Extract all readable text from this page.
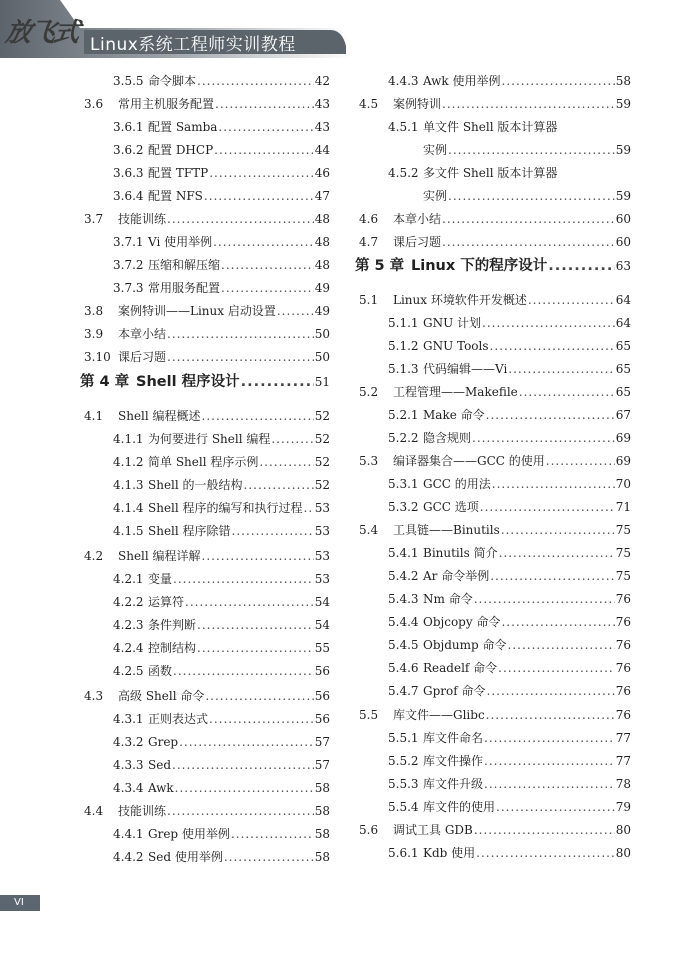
放飞式 Linux系统工程师实训教程
3.5.5 命令脚本 .....	42
3.6	常用主机服务配置 .....	43
3.6.1 配置 Samba .....	43
3.6.2 配置 DHCP .....	44
3.6.3 配置 TFTP .....	46
3.6.4 配置 NFS .....	47
3.7	技能训练 .....	48
3.7.1 Vi 使用举例 .....	48
3.7.2 压缩和解压缩 .....	48
3.7.3 常用服务配置 .....	49
3.8	案例特训——Linux 启动设置 .....	49
3.9	本章小结 .....	50
3.10 课后习题 .....	50
第 4 章 Shell 程序设计 .....	51
4.1	Shell 编程概述 .....	52
4.1.1 为何要进行 Shell 编程 .....	52
4.1.2 简单 Shell 程序示例 .....	52
4.1.3 Shell 的一般结构 .....	52
4.1.4 Shell 程序的编写和执行过程 ..... 53
4.1.5 Shell 程序除错 .....	53
4.2	Shell 编程详解 .....	53
4.2.1 变量 .....	53
4.2.2 运算符 .....	54
4.2.3 条件判断 .....	54
4.2.4 控制结构 .....	55
4.2.5 函数 .....	56
4.3	高级 Shell 命令 .....	56
4.3.1 正则表达式 .....	56
4.3.2 Grep .....	57
4.3.3 Sed .....	57
4.3.4 Awk .....	58
4.4	技能训练 .....	58
4.4.1 Grep 使用举例 .....	58
4.4.2 Sed 使用举例 .....	58
4.4.3 Awk 使用举例 .....	58
4.5	案例特训 .....	59
4.5.1 单文件 Shell 版本计算器
实例 .....	59
4.5.2 多文件 Shell 版本计算器
实例 .....	59
4.6	本章小结 .....	60
4.7	课后习题 .....	60
第 5 章 Linux 下的程序设计 .....	63
5.1	Linux 环境软件开发概述 .....	64
5.1.1 GNU 计划 .....	64
5.1.2 GNU Tools .....	65
5.1.3 代码编辑——Vi .....	65
5.2	工程管理——Makefile .....	65
5.2.1 Make 命令 .....	67
5.2.2 隐含规则 .....	69
5.3	编译器集合——GCC 的使用 .....	69
5.3.1 GCC 的用法 .....	70
5.3.2 GCC 选项 .....	71
5.4	工具链——Binutils .....	75
5.4.1 Binutils 简介 .....	75
5.4.2 Ar 命令举例 .....	75
5.4.3 Nm 命令 .....	76
5.4.4 Objcopy 命令 .....	76
5.4.5 Objdump 命令 .....	76
5.4.6 Readelf 命令 .....	76
5.4.7 Gprof 命令 .....	76
5.5	库文件——Glibc .....	76
5.5.1 库文件命名 .....	77
5.5.2 库文件操作 .....	77
5.5.3 库文件升级 .....	78
5.5.4 库文件的使用 .....	79
5.6	调试工具 GDB .....	80
5.6.1 Kdb 使用 .....	80
VI
